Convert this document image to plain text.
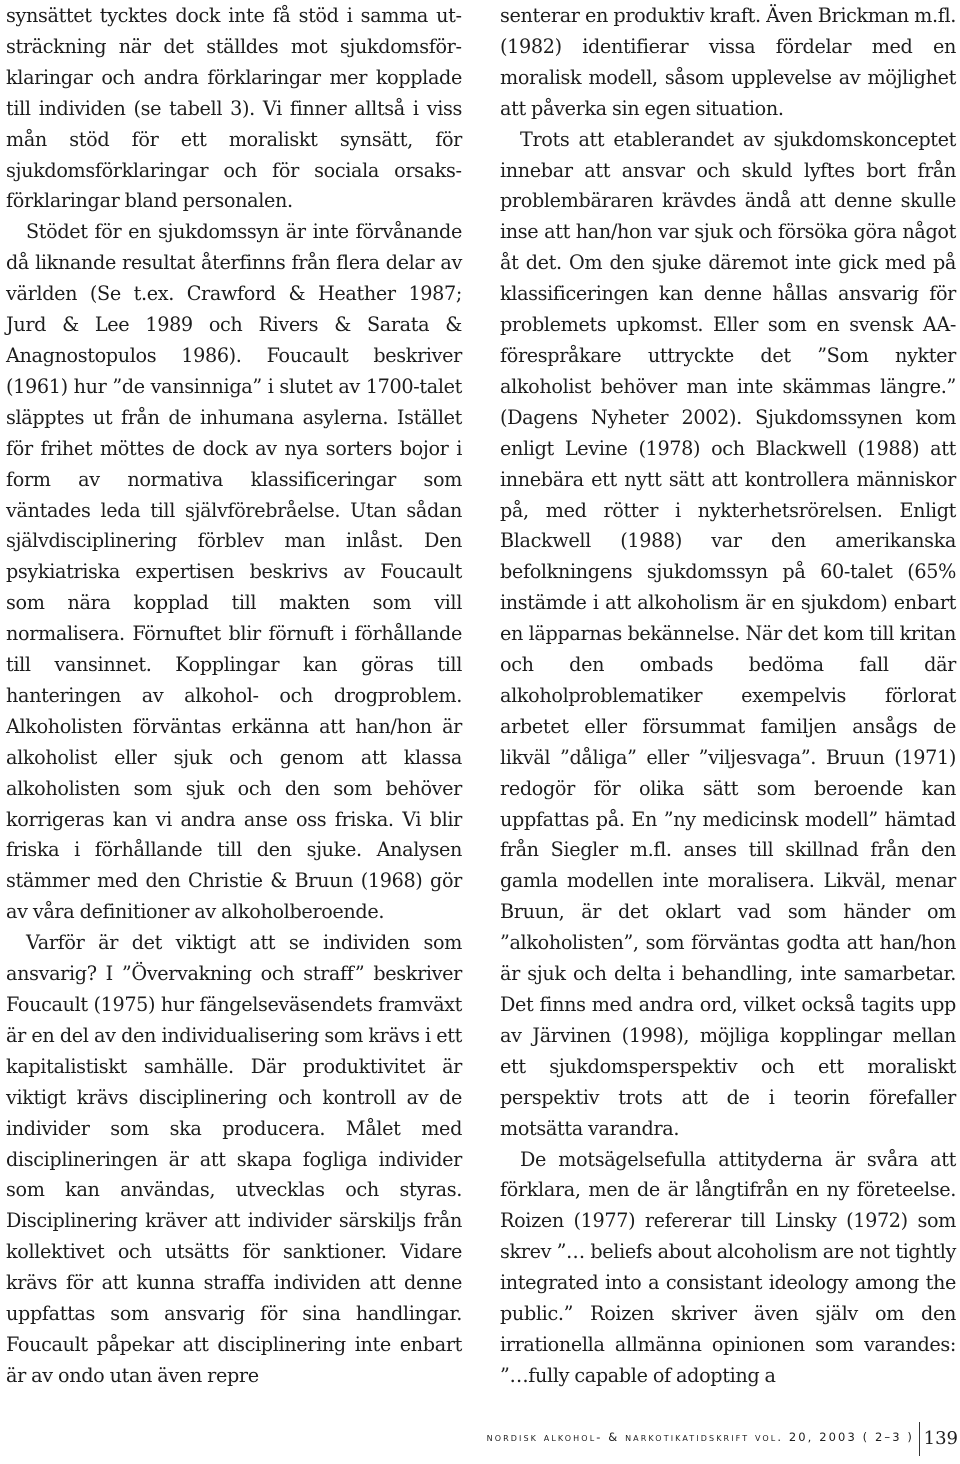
synsättet tycktes dock inte få stöd i samma utsträckning när det ställdes mot sjukdomsförklaringar och andra förklaringar mer kopplade till individen (se tabell 3). Vi finner alltså i viss mån stöd för ett moraliskt synsätt, för sjukdomsförklaringar och för sociala orsaksförklaringar bland personalen.

Stödet för en sjukdomssyn är inte förvånande då liknande resultat återfinns från flera delar av världen (Se t.ex. Crawford & Heather 1987; Jurd & Lee 1989 och Rivers & Sarata & Anagnostopulos 1986). Foucault beskriver (1961) hur ”de vansinniga” i slutet av 1700-talet släpptes ut från de inhumana asylerna. Istället för frihet möttes de dock av nya sorters bojor i form av normativa klassificeringar som väntades leda till självförebråelse. Utan sådan självdisciplinering förblev man inlåst. Den psykiatriska expertisen beskrivs av Foucault som nära kopplad till makten som vill normalisera. Förnuftet blir förnuft i förhållande till vansinnet. Kopplingar kan göras till hanteringen av alkohol- och drogproblem. Alkoholisten förväntas erkänna att han/hon är alkoholist eller sjuk och genom att klassa alkoholisten som sjuk och den som behöver korrigeras kan vi andra anse oss friska. Vi blir friska i förhållande till den sjuke. Analysen stämmer med den Christie & Bruun (1968) gör av våra definitioner av alkoholberoende.

Varför är det viktigt att se individen som ansvarig? I ”Övervakning och straff” beskriver Foucault (1975) hur fängelseväsendets framväxt är en del av den individualisering som krävs i ett kapitalistiskt samhälle. Där produktivitet är viktigt krävs disciplinering och kontroll av de individer som ska producera. Målet med disciplineringen är att skapa fogliga individer som kan användas, utvecklas och styras. Disciplinering kräver att individer särskiljs från kollektivet och utsätts för sanktioner. Vidare krävs för att kunna straffa individen att denne uppfattas som ansvarig för sina handlingar. Foucault påpekar att disciplinering inte enbart är av ondo utan även repre

senterar en produktiv kraft. Även Brickman m.fl. (1982) identifierar vissa fördelar med en moralisk modell, såsom upplevelse av möjlighet att påverka sin egen situation.

Trots att etablerandet av sjukdomskonceptet innebar att ansvar och skuld lyftes bort från problembäraren krävdes ändå att denne skulle inse att han/hon var sjuk och försöka göra något åt det. Om den sjuke däremot inte gick med på klassificeringen kan denne hållas ansvarig för problemets upkomst. Eller som en svensk AA-förespråkare uttryckte det ”Som nykter alkoholist behöver man inte skämmas längre.” (Dagens Nyheter 2002). Sjukdomssynen kom enligt Levine (1978) och Blackwell (1988) att innebära ett nytt sätt att kontrollera människor på, med rötter i nykterhetsrörelsen. Enligt Blackwell (1988) var den amerikanska befolkningens sjukdomssyn på 60-talet (65% instämde i att alkoholism är en sjukdom) enbart en läpparnas bekännelse. När det kom till kritan och den ombads bedöma fall där alkoholproblematiker exempelvis förlorat arbetet eller försummat familjen ansågs de likväl ”dåliga” eller ”viljesvaga”. Bruun (1971) redogör för olika sätt som beroende kan uppfattas på. En ”ny medicinsk modell” hämtad från Siegler m.fl. anses till skillnad från den gamla modellen inte moralisera. Likväl, menar Bruun, är det oklart vad som händer om ”alkoholisten”, som förväntas godta att han/hon är sjuk och delta i behandling, inte samarbetar. Det finns med andra ord, vilket också tagits upp av Järvinen (1998), möjliga kopplingar mellan ett sjukdomsperspektiv och ett moraliskt perspektiv trots att de i teorin förefaller motsätta varandra.

De motsägelsefulla attityderna är svåra att förklara, men de är långtifrån en ny företeelse. Roizen (1977) refererar till Linsky (1972) som skrev ”… beliefs about alcoholism are not tightly integrated into a consistant ideology among the public.” Roizen skriver även själv om den irrationella allmänna opinionen som varandes: ”…fully capable of adopting a

nordisk alkohol- & narkotikatidskrift vol. 20, 2003 ( 2–3 ) 139
